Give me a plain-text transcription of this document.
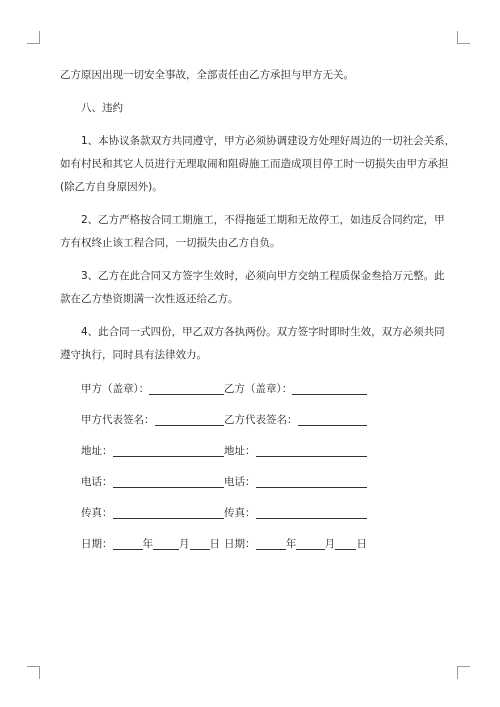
乙方原因出现一切安全事故，全部责任由乙方承担与甲方无关。

八、违约

1、本协议条款双方共同遵守，甲方必须协调建设方处理好周边的一切社会关系，
如有村民和其它人员进行无理取闹和阻碍施工而造成项目停工时一切损失由甲方承担
(除乙方自身原因外)。

2、乙方严格按合同工期施工，不得拖延工期和无故停工，如违反合同约定，甲
方有权终止该工程合同，一切损失由乙方自负。

3、乙方在此合同又方签字生效时，必须向甲方交纳工程质保金叁拾万元整。此
款在乙方垫资期满一次性返还给乙方。

4、此合同一式四份，甲乙双方各执两份。双方签字时即时生效，双方必须共同
遵守执行，同时具有法律效力。

甲方（盖章）：	乙方（盖章）：
甲方代表签名：	乙方代表签名：
地址：	地址：
电话：	电话：
传真：	传真：
日期：	年 月 日 日期：	年	月 日
